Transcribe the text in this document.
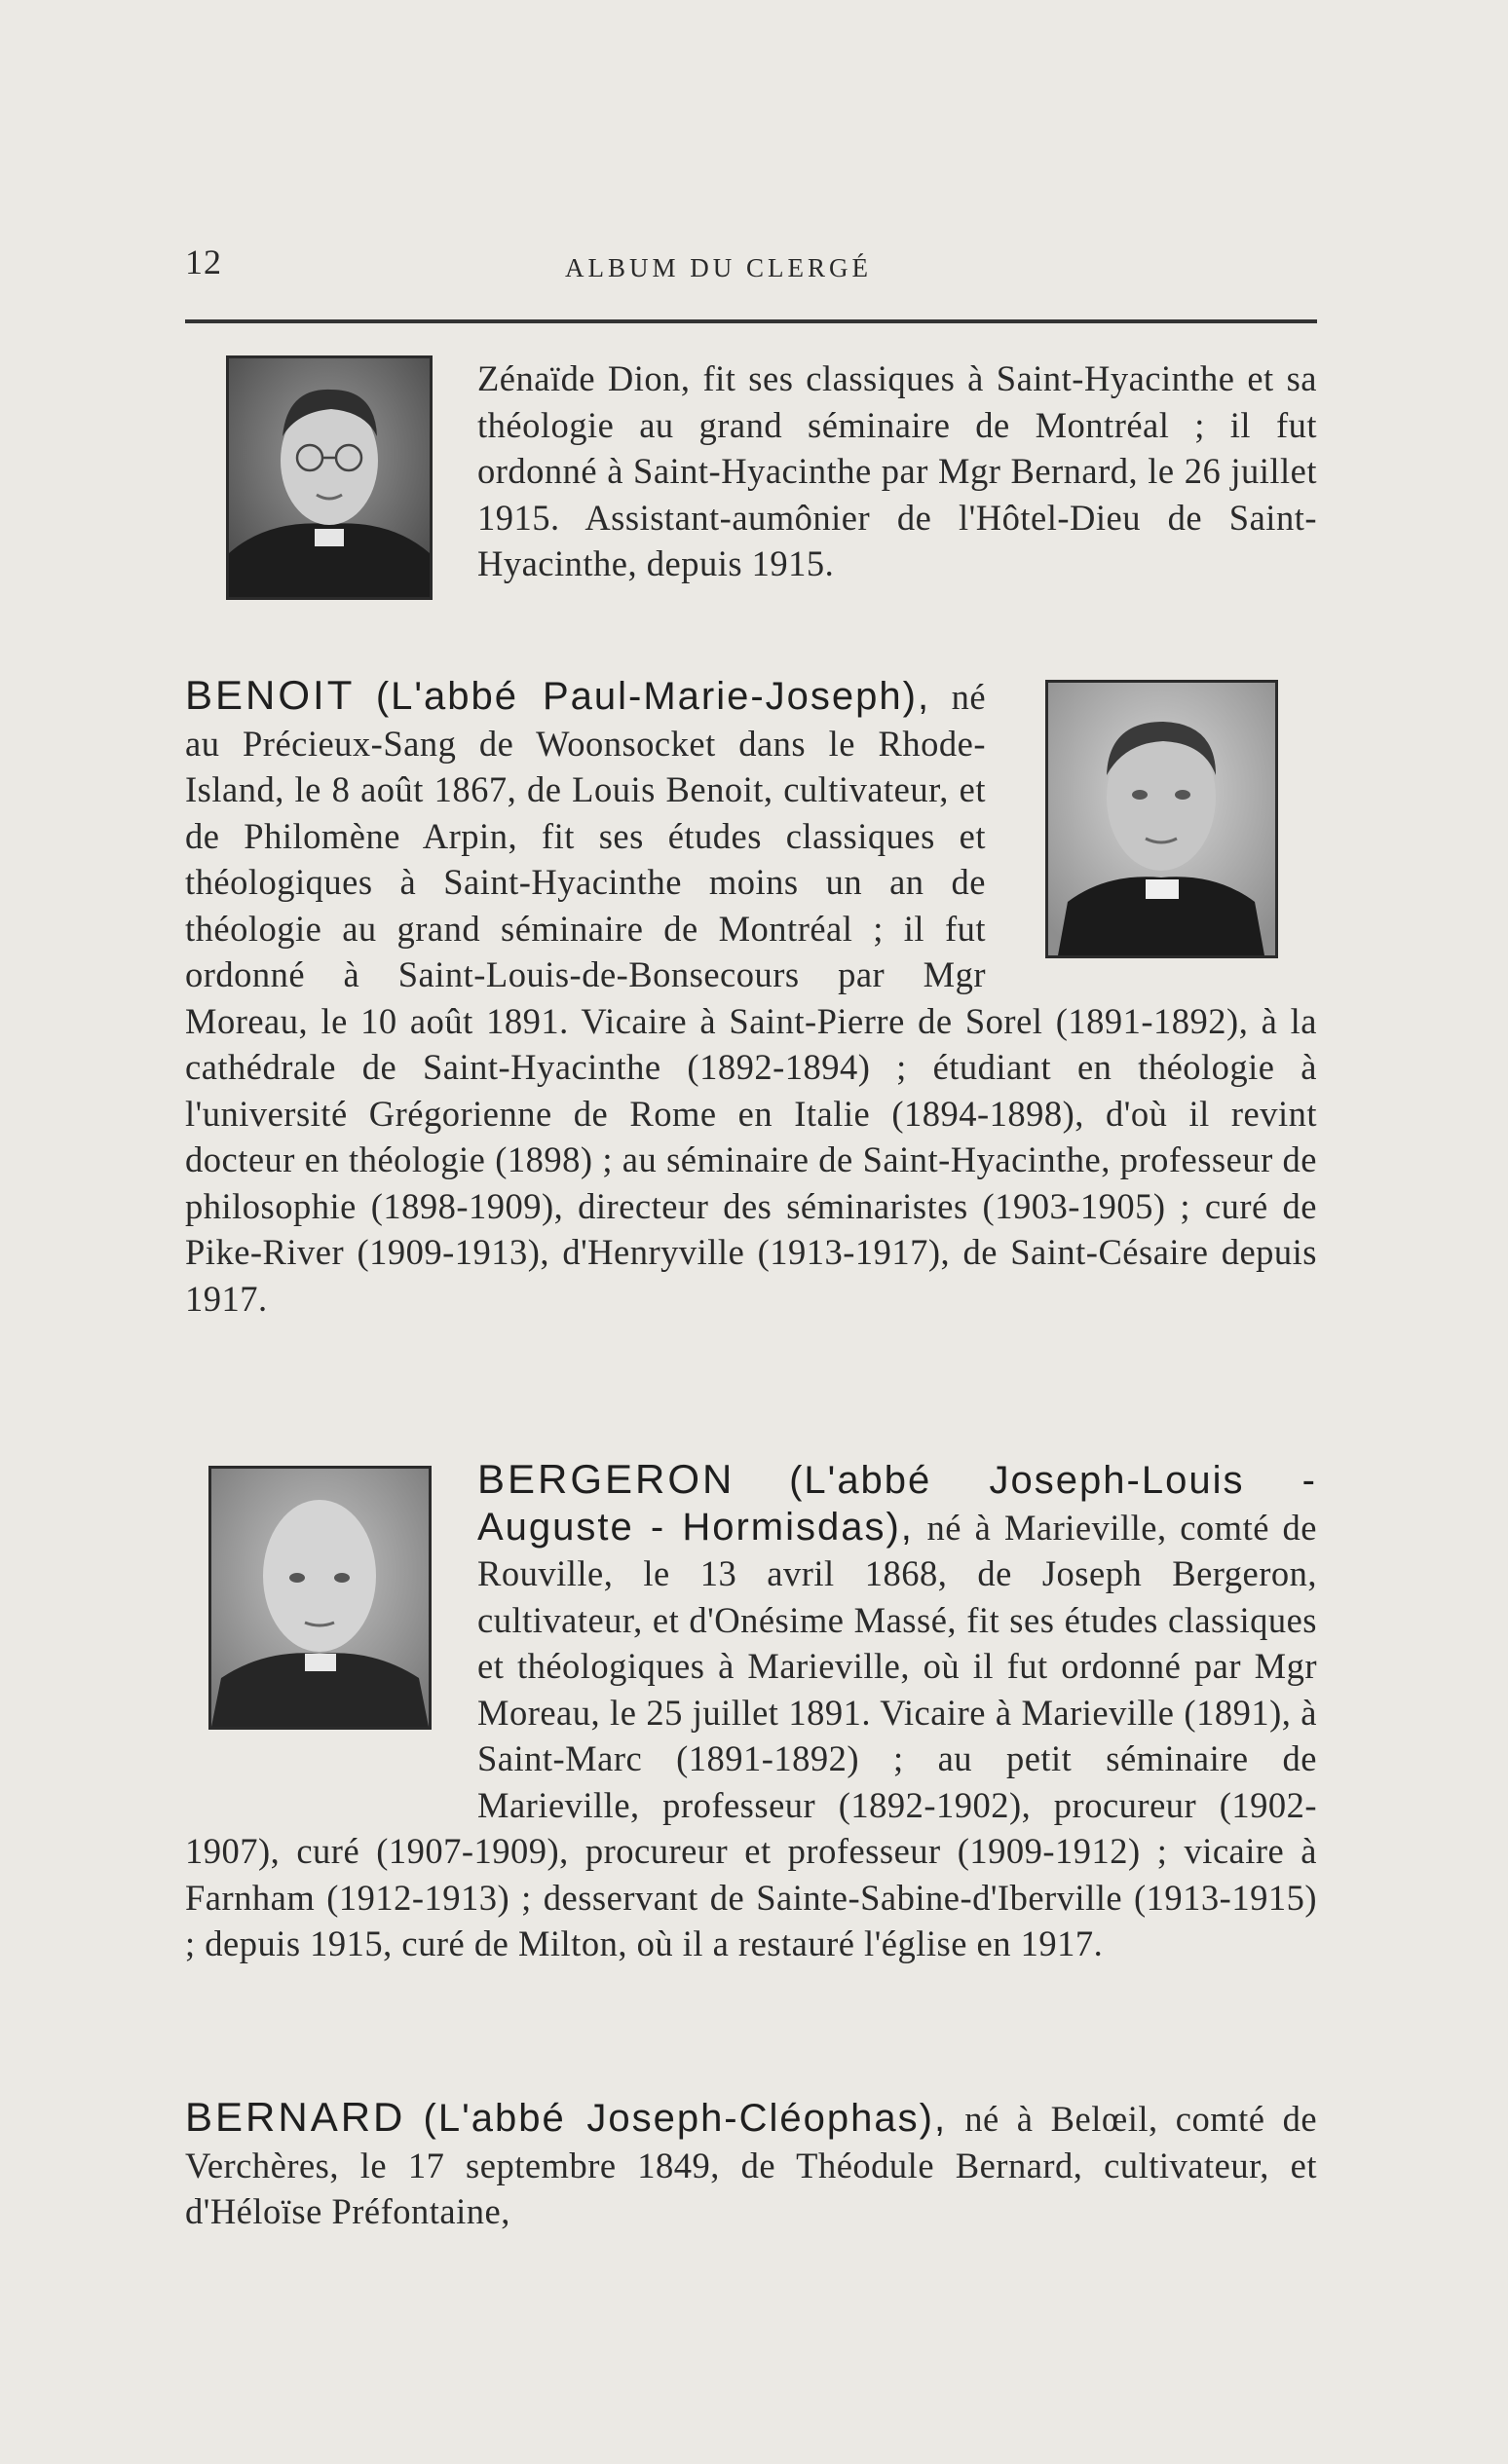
12	ALBUM DU CLERGÉ

Zénaïde Dion, fit ses classiques à Saint-Hyacinthe et sa théologie au grand séminaire de Montréal ; il fut ordonné à Saint-Hyacinthe par Mgr Bernard, le 26 juillet 1915. Assistant-aumônier de l'Hôtel-Dieu de Saint-Hyacinthe, depuis 1915.

BENOIT (L'abbé Paul-Marie-Joseph), né au Précieux-Sang de Woonsocket dans le Rhode-Island, le 8 août 1867, de Louis Benoit, cultivateur, et de Philomène Arpin, fit ses études classiques et théologiques à Saint-Hyacinthe moins un an de théologie au grand séminaire de Montréal ; il fut ordonné à Saint-Louis-de-Bonsecours par Mgr Moreau, le 10 août 1891. Vicaire à Saint-Pierre de Sorel (1891-1892), à la cathédrale de Saint-Hyacinthe (1892-1894) ; étudiant en théologie à l'université Grégorienne de Rome en Italie (1894-1898), d'où il revint docteur en théologie (1898) ; au séminaire de Saint-Hyacinthe, professeur de philosophie (1898-1909), directeur des séminaristes (1903-1905) ; curé de Pike-River (1909-1913), d'Henryville (1913-1917), de Saint-Césaire depuis 1917.

BERGERON (L'abbé Joseph-Louis - Auguste - Hormisdas), né à Marieville, comté de Rouville, le 13 avril 1868, de Joseph Bergeron, cultivateur, et d'Onésime Massé, fit ses études classiques et théologiques à Marieville, où il fut ordonné par Mgr Moreau, le 25 juillet 1891. Vicaire à Marieville (1891), à Saint-Marc (1891-1892) ; au petit séminaire de Marieville, professeur (1892-1902), procureur (1902-1907), curé (1907-1909), procureur et professeur (1909-1912) ; vicaire à Farnham (1912-1913) ; desservant de Sainte-Sabine-d'Iberville (1913-1915) ; depuis 1915, curé de Milton, où il a restauré l'église en 1917.

BERNARD (L'abbé Joseph-Cléophas), né à Belœil, comté de Verchères, le 17 septembre 1849, de Théodule Bernard, cultivateur, et d'Héloïse Préfontaine,
